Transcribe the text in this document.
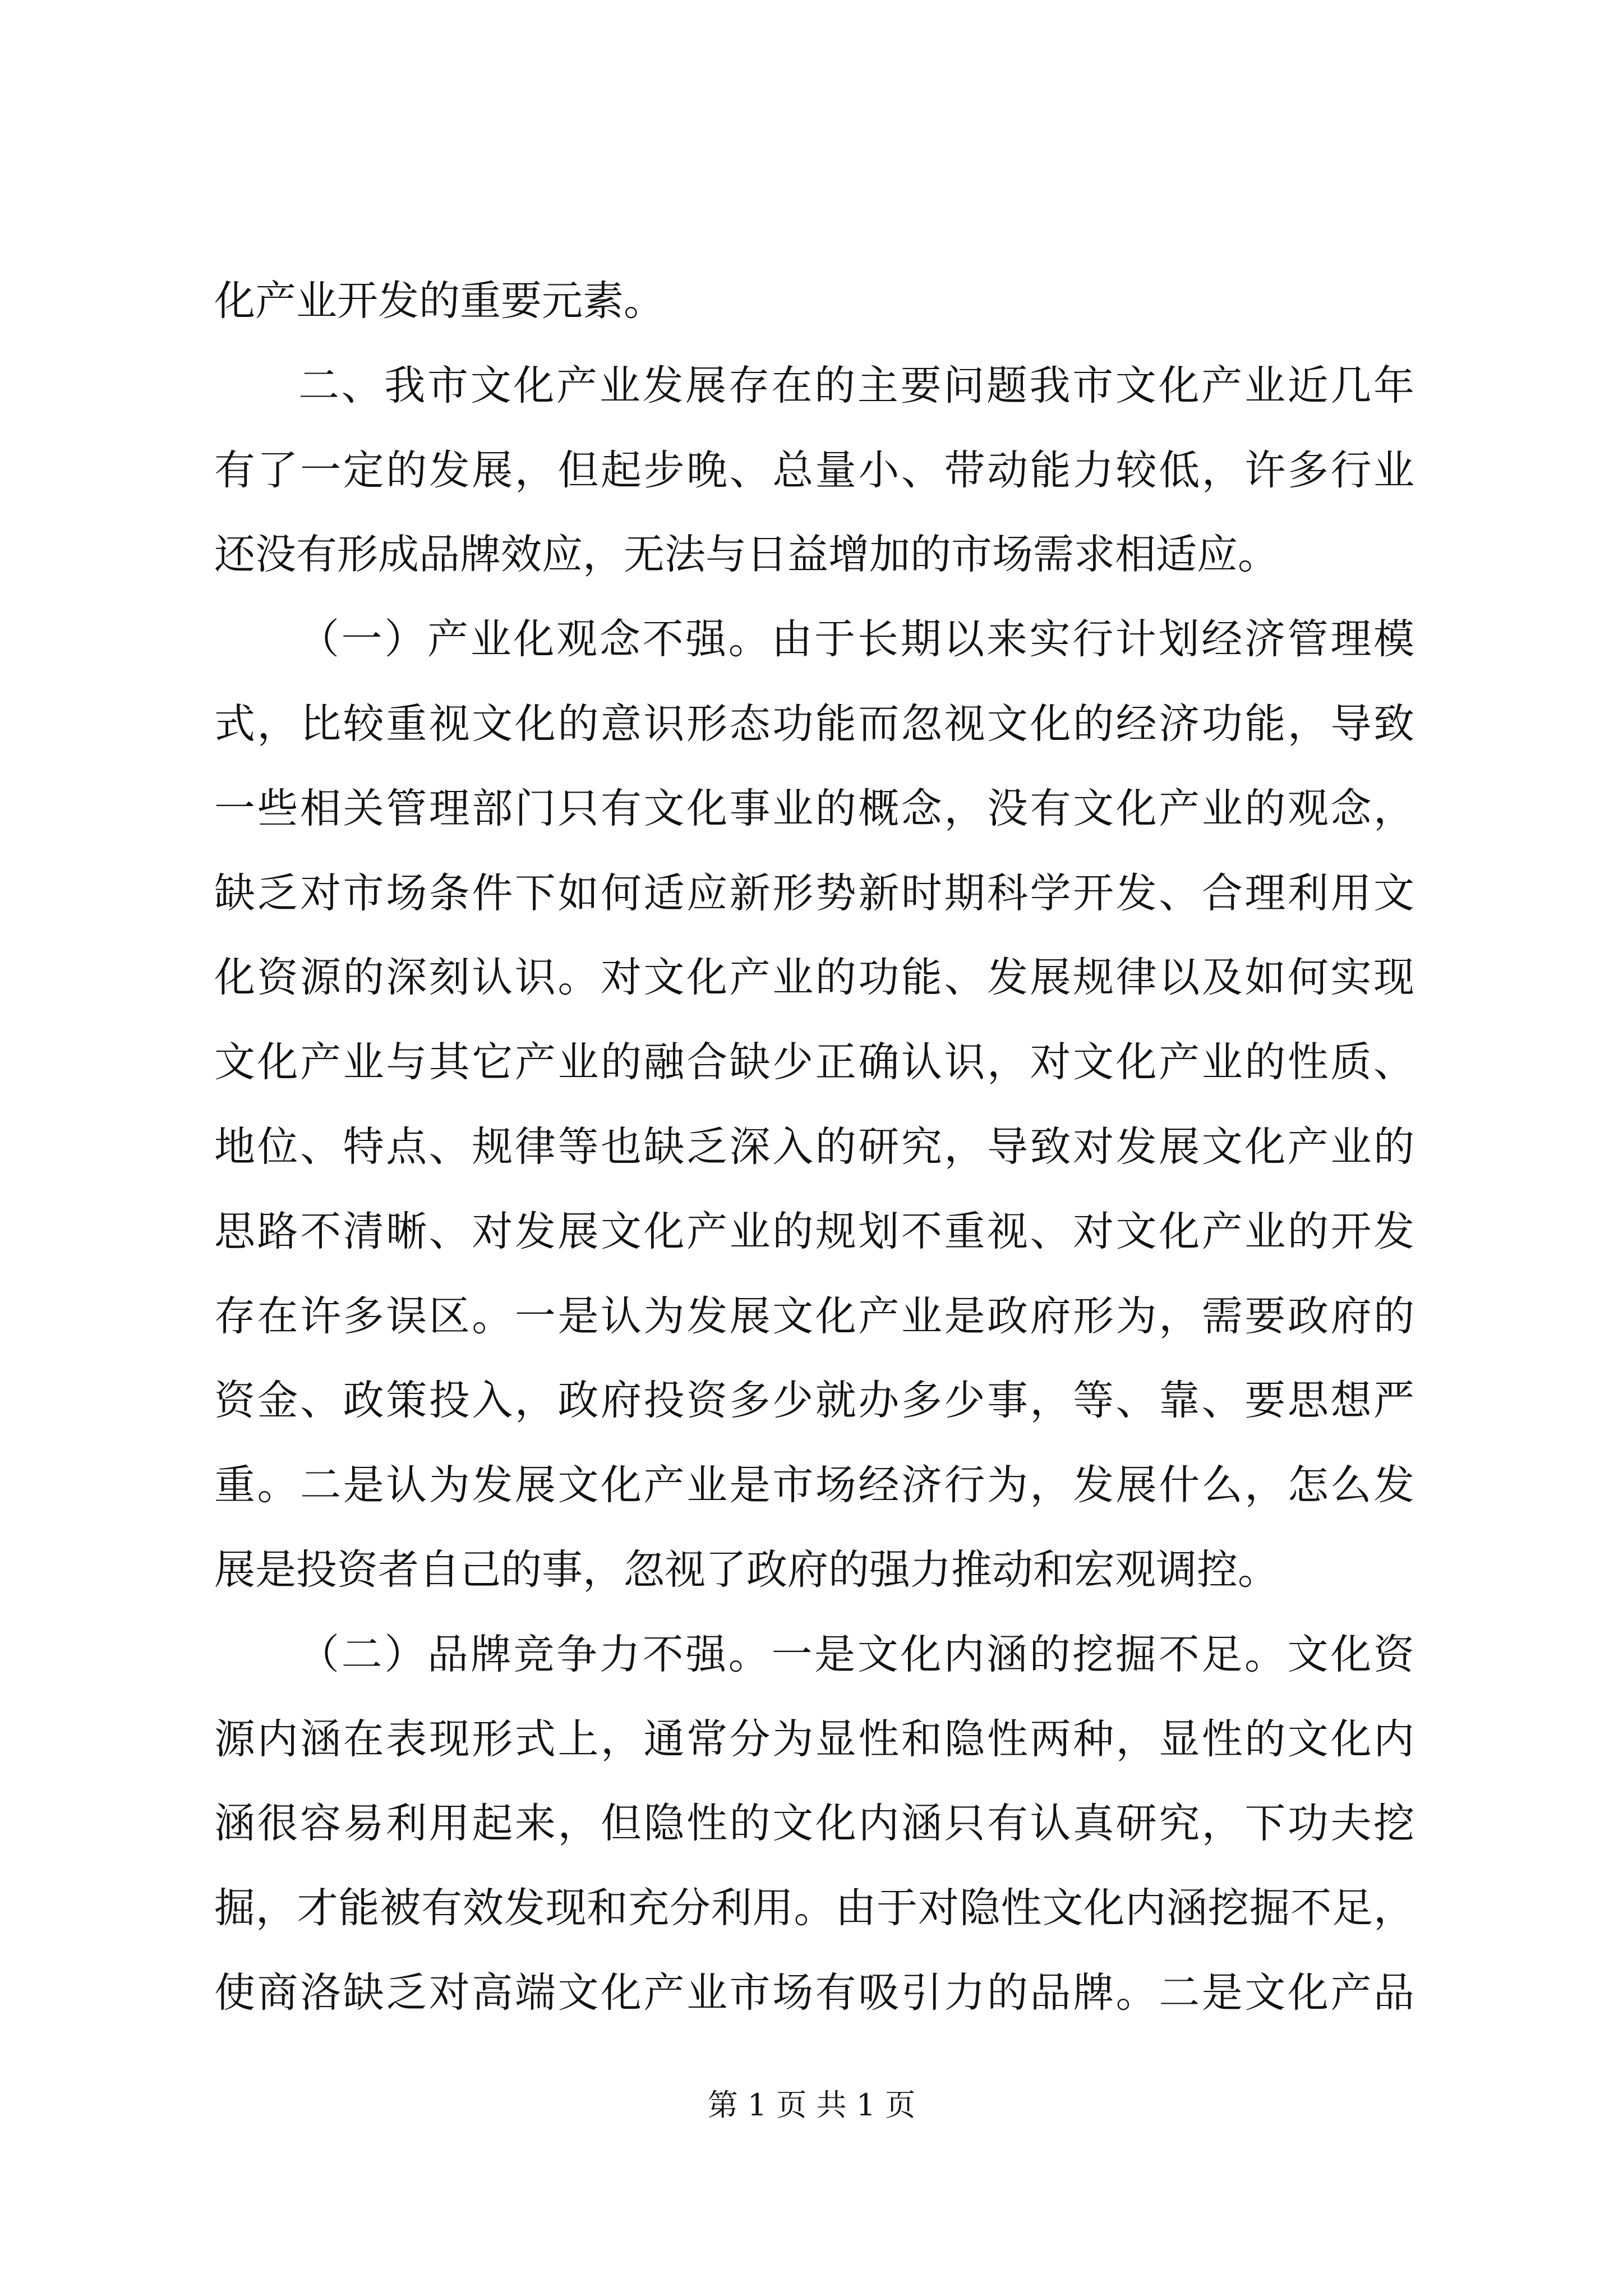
化产业开发的重要元素。
二、我市文化产业发展存在的主要问题我市文化产业近几年
有了一定的发展，但起步晚、总量小、带动能力较低，许多行业
还没有形成品牌效应，无法与日益增加的市场需求相适应。
（一）产业化观念不强。由于长期以来实行计划经济管理模
式，比较重视文化的意识形态功能而忽视文化的经济功能，导致
一些相关管理部门只有文化事业的概念，没有文化产业的观念，
缺乏对市场条件下如何适应新形势新时期科学开发、合理利用文
化资源的深刻认识。对文化产业的功能、发展规律以及如何实现
文化产业与其它产业的融合缺少正确认识，对文化产业的性质、
地位、特点、规律等也缺乏深入的研究，导致对发展文化产业的
思路不清晰、对发展文化产业的规划不重视、对文化产业的开发
存在许多误区。一是认为发展文化产业是政府形为，需要政府的
资金、政策投入，政府投资多少就办多少事，等、靠、要思想严
重。二是认为发展文化产业是市场经济行为，发展什么，怎么发
展是投资者自己的事，忽视了政府的强力推动和宏观调控。
（二）品牌竞争力不强。一是文化内涵的挖掘不足。文化资
源内涵在表现形式上，通常分为显性和隐性两种，显性的文化内
涵很容易利用起来，但隐性的文化内涵只有认真研究，下功夫挖
掘，才能被有效发现和充分利用。由于对隐性文化内涵挖掘不足，
使商洛缺乏对高端文化产业市场有吸引力的品牌。二是文化产品
第 1 页 共 1 页
